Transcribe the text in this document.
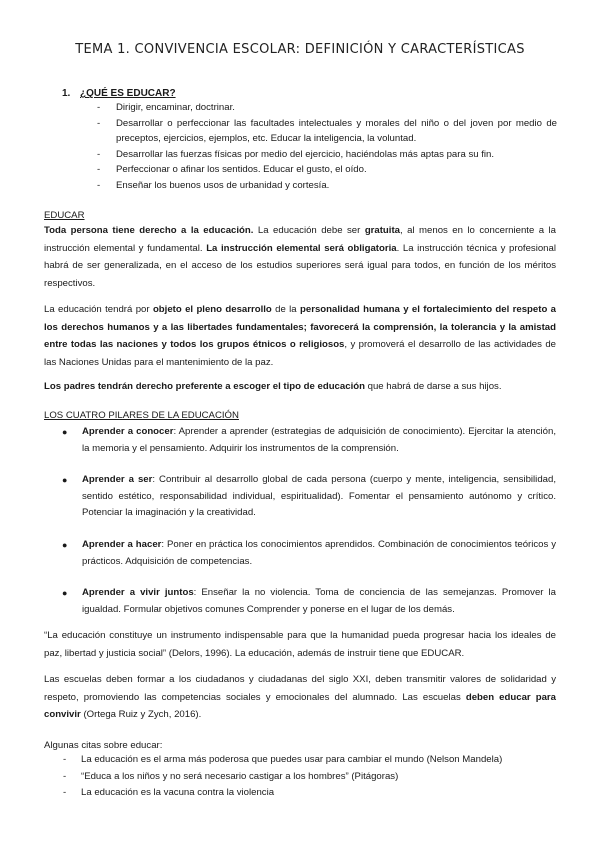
TEMA 1. CONVIVENCIA ESCOLAR: DEFINICIÓN Y CARACTERÍSTICAS
1. ¿QUÉ ES EDUCAR?
- Dirigir, encaminar, doctrinar.
- Desarrollar o perfeccionar las facultades intelectuales y morales del niño o del joven por medio de preceptos, ejercicios, ejemplos, etc. Educar la inteligencia, la voluntad.
- Desarrollar las fuerzas físicas por medio del ejercicio, haciéndolas más aptas para su fin.
- Perfeccionar o afinar los sentidos. Educar el gusto, el oído.
- Enseñar los buenos usos de urbanidad y cortesía.
EDUCAR
Toda persona tiene derecho a la educación. La educación debe ser gratuita, al menos en lo concerniente a la instrucción elemental y fundamental. La instrucción elemental será obligatoria. La instrucción técnica y profesional habrá de ser generalizada, en el acceso de los estudios superiores será igual para todos, en función de los méritos respectivos.
La educación tendrá por objeto el pleno desarrollo de la personalidad humana y el fortalecimiento del respeto a los derechos humanos y a las libertades fundamentales; favorecerá la comprensión, la tolerancia y la amistad entre todas las naciones y todos los grupos étnicos o religiosos, y promoverá el desarrollo de las actividades de las Naciones Unidas para el mantenimiento de la paz.
Los padres tendrán derecho preferente a escoger el tipo de educación que habrá de darse a sus hijos.
LOS CUATRO PILARES DE LA EDUCACIÓN
● Aprender a conocer: Aprender a aprender (estrategias de adquisición de conocimiento). Ejercitar la atención, la memoria y el pensamiento. Adquirir los instrumentos de la comprensión.
● Aprender a ser: Contribuir al desarrollo global de cada persona (cuerpo y mente, inteligencia, sensibilidad, sentido estético, responsabilidad individual, espiritualidad). Fomentar el pensamiento autónomo y crítico. Potenciar la imaginación y la creatividad.
● Aprender a hacer: Poner en práctica los conocimientos aprendidos. Combinación de conocimientos teóricos y prácticos. Adquisición de competencias.
● Aprender a vivir juntos: Enseñar la no violencia. Toma de conciencia de las semejanzas. Promover la igualdad. Formular objetivos comunes Comprender y ponerse en el lugar de los demás.
“La educación constituye un instrumento indispensable para que la humanidad pueda progresar hacia los ideales de paz, libertad y justicia social” (Delors, 1996). La educación, además de instruir tiene que EDUCAR.
Las escuelas deben formar a los ciudadanos y ciudadanas del siglo XXI, deben transmitir valores de solidaridad y respeto, promoviendo las competencias sociales y emocionales del alumnado. Las escuelas deben educar para convivir (Ortega Ruiz y Zych, 2016).
Algunas citas sobre educar:
- La educación es el arma más poderosa que puedes usar para cambiar el mundo (Nelson Mandela)
- “Educa a los niños y no será necesario castigar a los hombres” (Pitágoras)
- La educación es la vacuna contra la violencia
